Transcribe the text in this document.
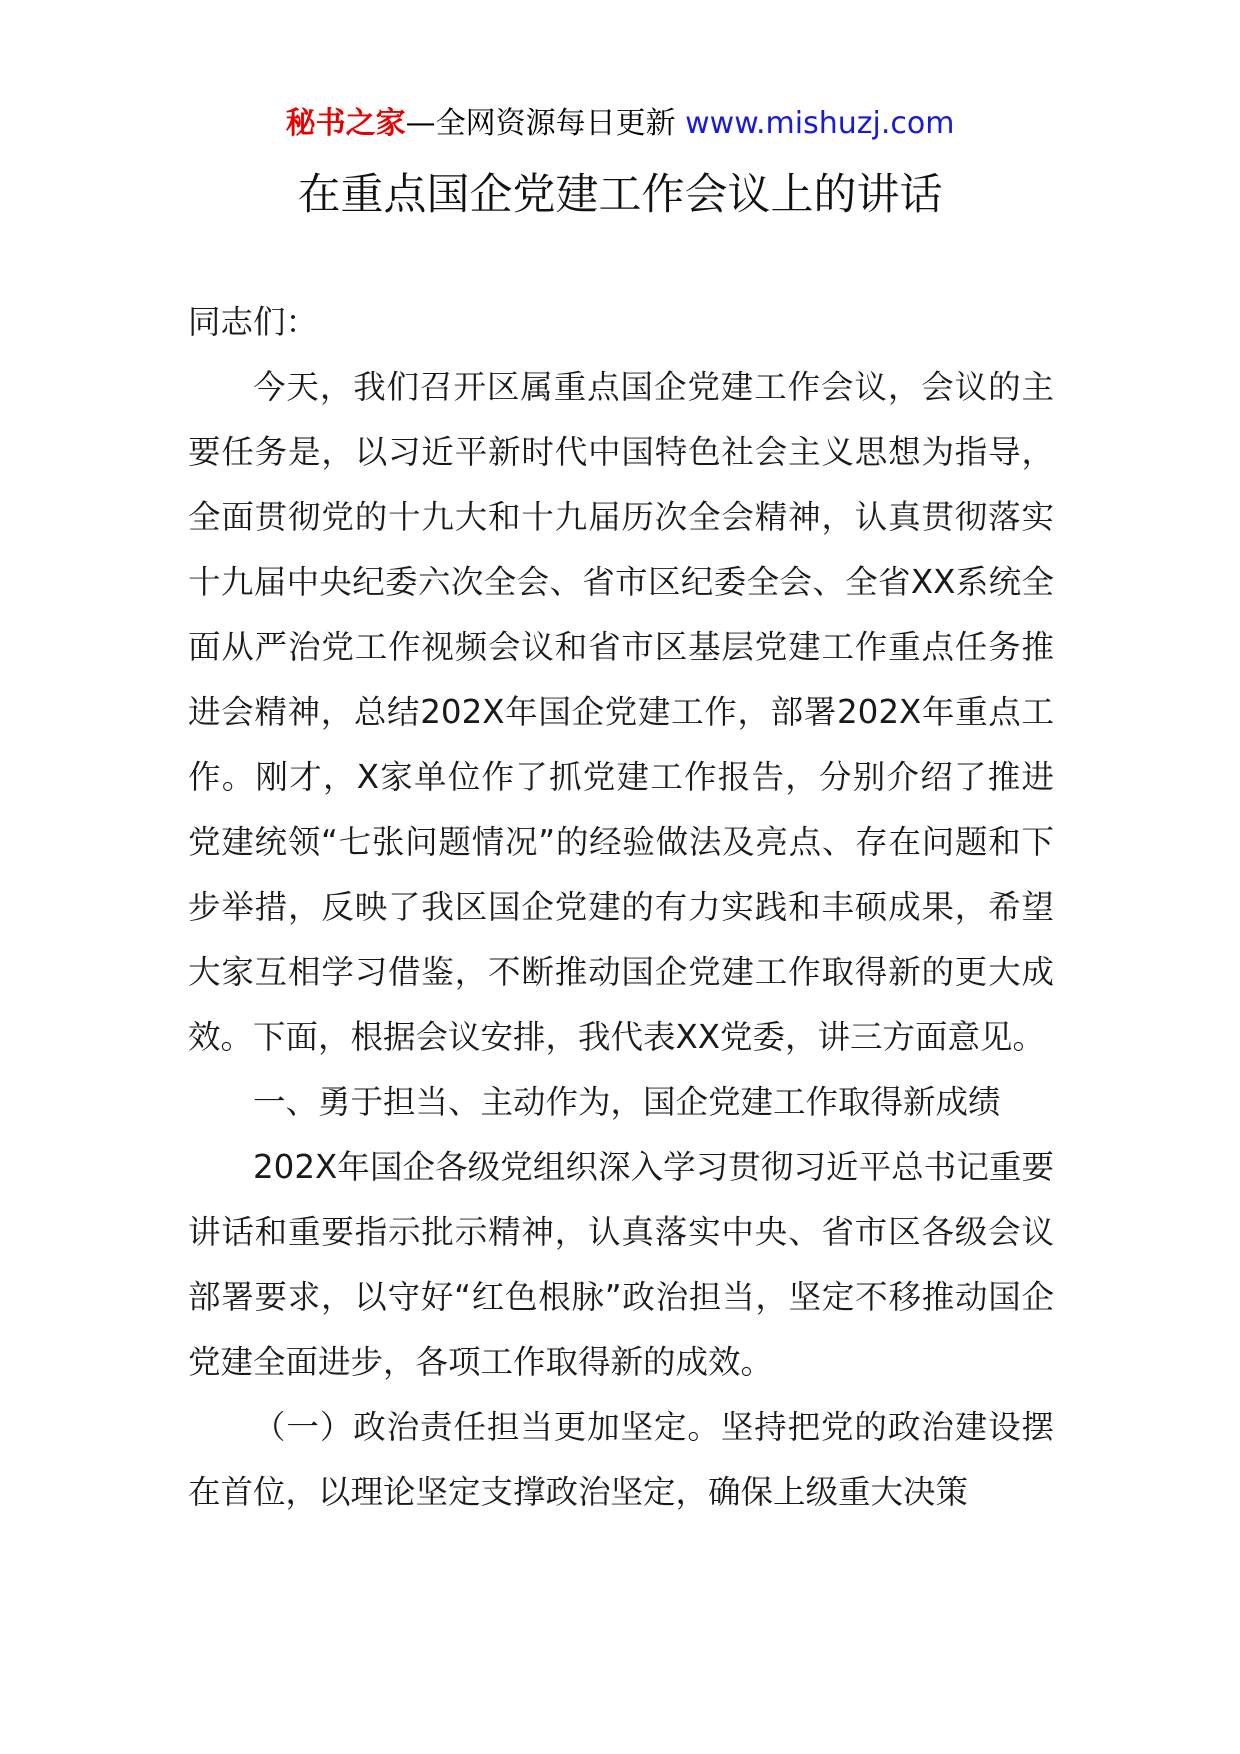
秘书之家—全网资源每日更新 www.mishuzj.com
在重点国企党建工作会议上的讲话

同志们：

今天，我们召开区属重点国企党建工作会议，会议的主要任务是，以习近平新时代中国特色社会主义思想为指导，全面贯彻党的十九大和十九届历次全会精神，认真贯彻落实十九届中央纪委六次全会、省市区纪委全会、全省XX系统全面从严治党工作视频会议和省市区基层党建工作重点任务推进会精神，总结202X年国企党建工作，部署202X年重点工作。刚才，X家单位作了抓党建工作报告，分别介绍了推进党建统领“七张问题情况”的经验做法及亮点、存在问题和下步举措，反映了我区国企党建的有力实践和丰硕成果，希望大家互相学习借鉴，不断推动国企党建工作取得新的更大成效。下面，根据会议安排，我代表XX党委，讲三方面意见。

一、勇于担当、主动作为，国企党建工作取得新成绩

202X年国企各级党组织深入学习贯彻习近平总书记重要讲话和重要指示批示精神，认真落实中央、省市区各级会议部署要求，以守好“红色根脉”政治担当，坚定不移推动国企党建全面进步，各项工作取得新的成效。

（一）政治责任担当更加坚定。坚持把党的政治建设摆在首位，以理论坚定支撑政治坚定，确保上级重大决策
